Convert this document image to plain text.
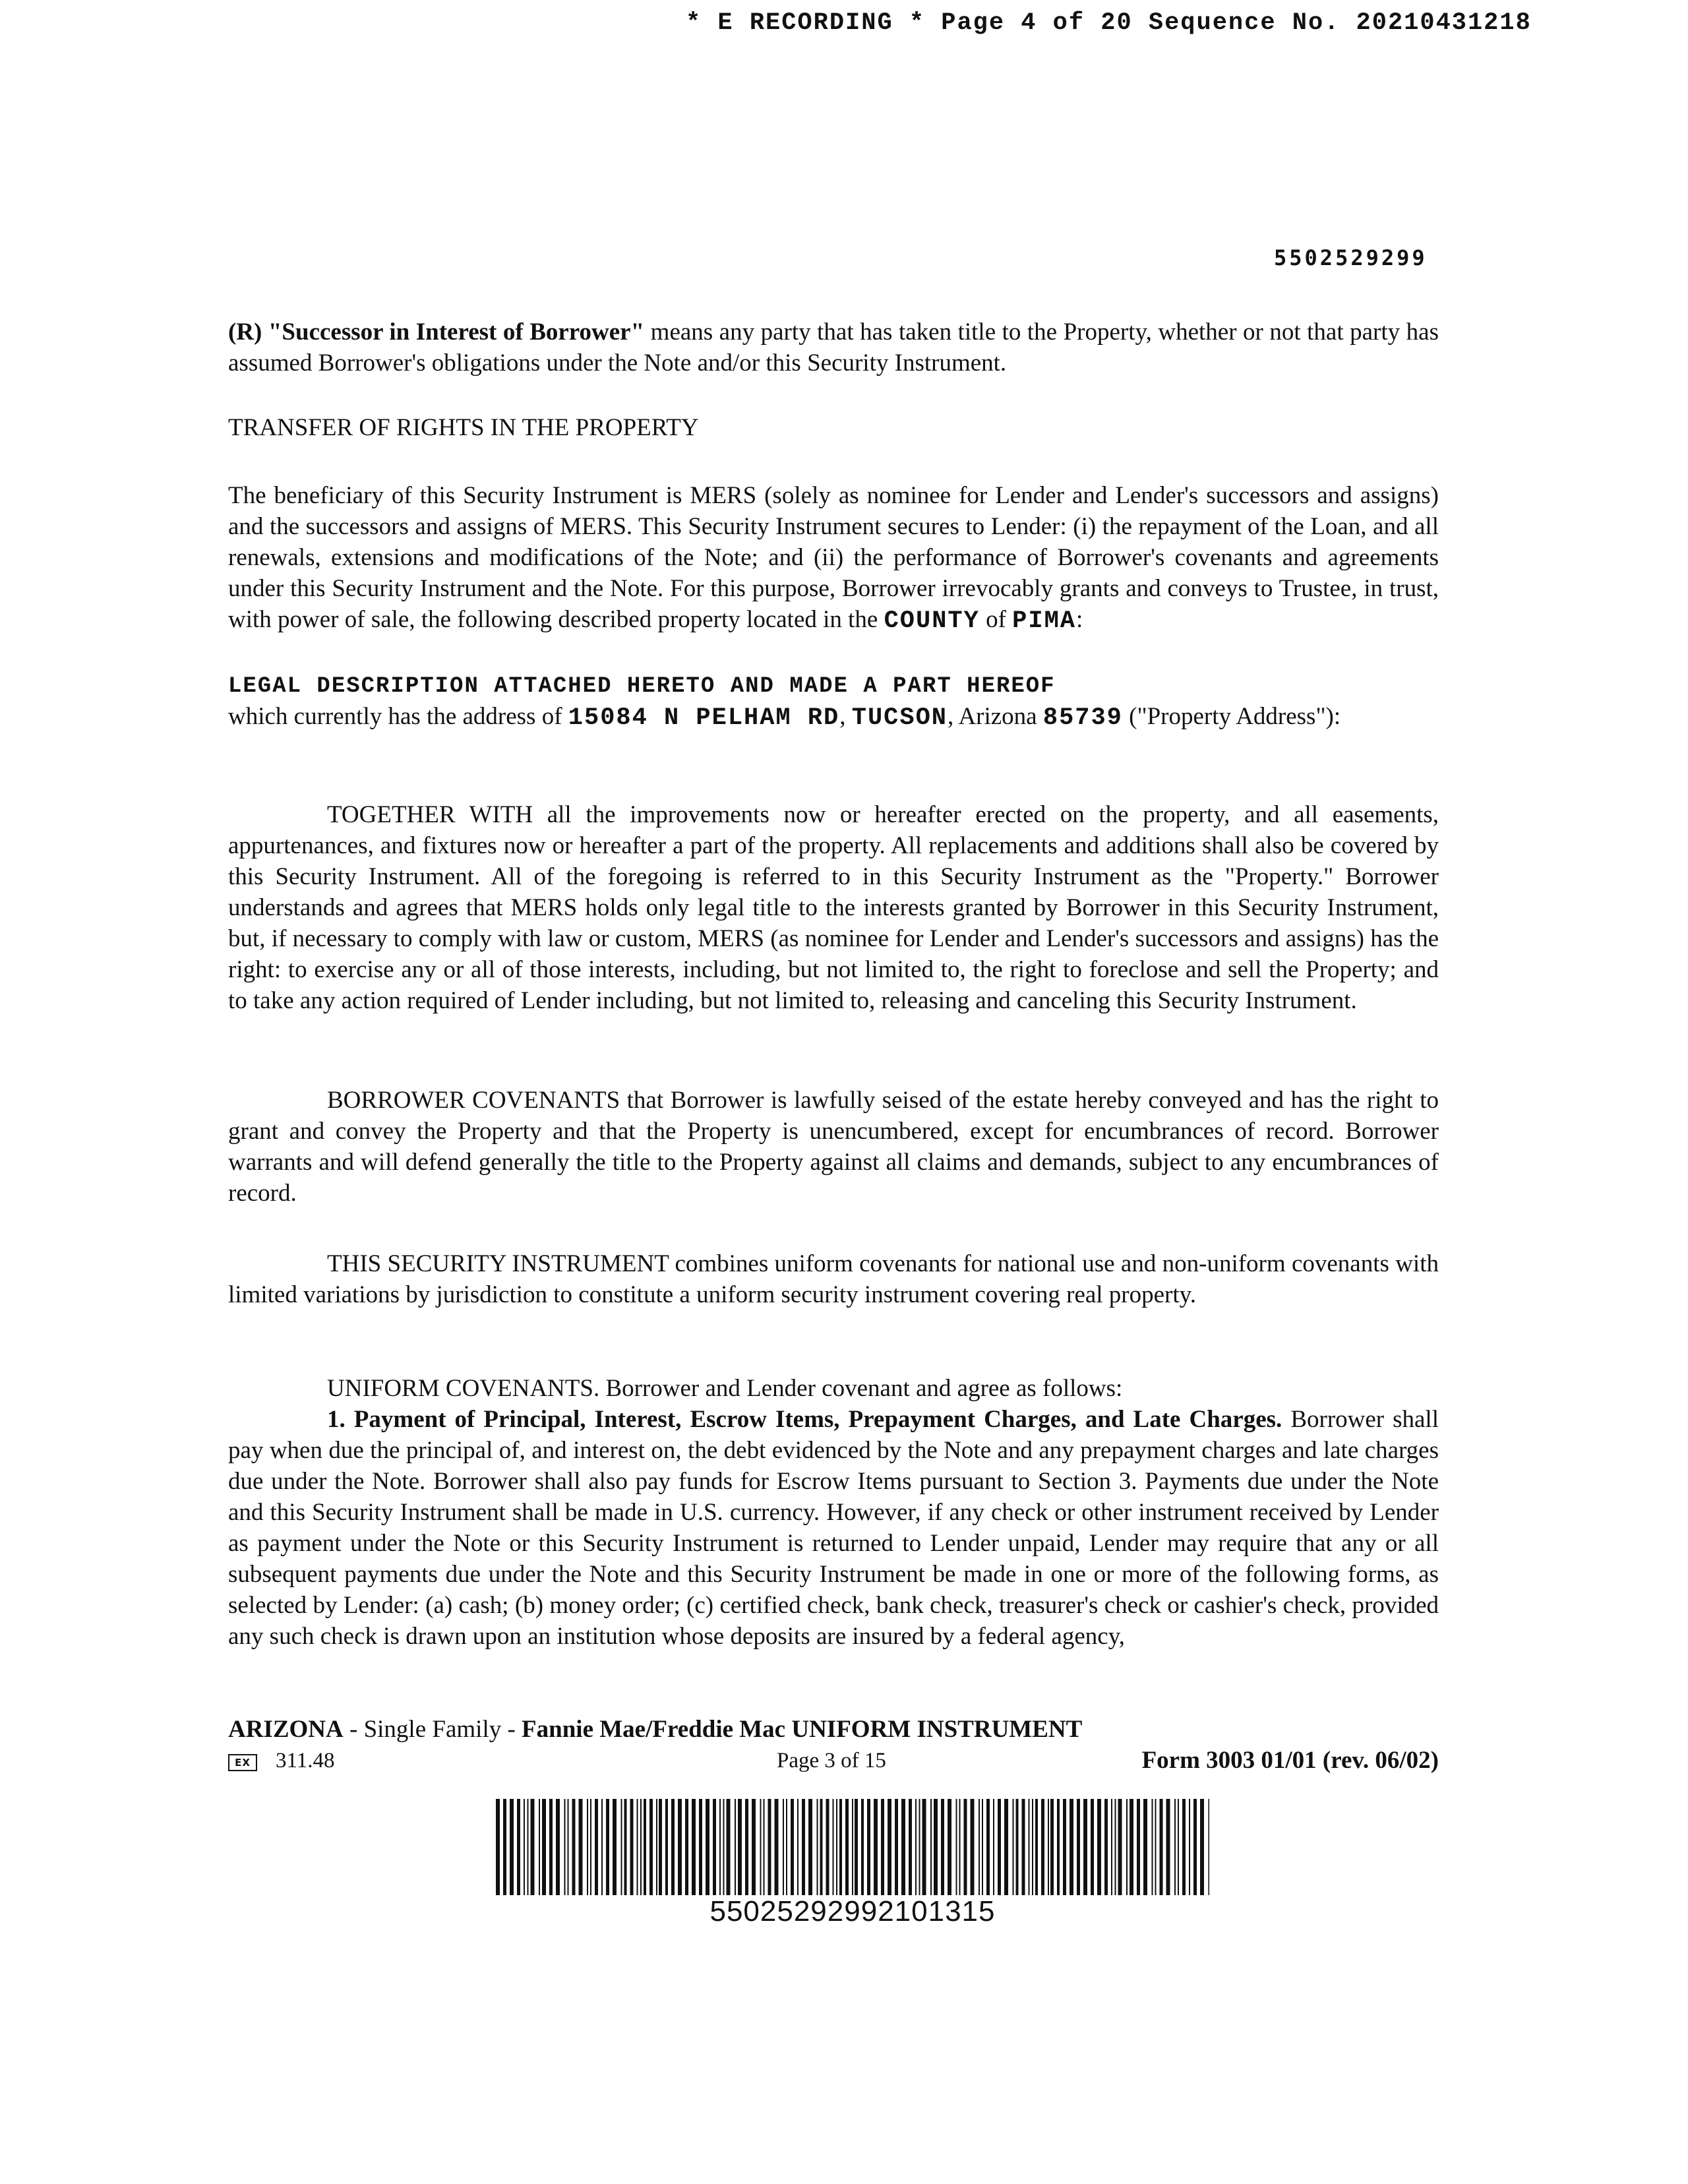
* E RECORDING * Page 4 of 20 Sequence No. 20210431218
5502529299
(R) "Successor in Interest of Borrower" means any party that has taken title to the Property, whether or not that party has assumed Borrower's obligations under the Note and/or this Security Instrument.
TRANSFER OF RIGHTS IN THE PROPERTY
The beneficiary of this Security Instrument is MERS (solely as nominee for Lender and Lender's successors and assigns) and the successors and assigns of MERS. This Security Instrument secures to Lender: (i) the repayment of the Loan, and all renewals, extensions and modifications of the Note; and (ii) the performance of Borrower's covenants and agreements under this Security Instrument and the Note. For this purpose, Borrower irrevocably grants and conveys to Trustee, in trust, with power of sale, the following described property located in the COUNTY of PIMA:
LEGAL DESCRIPTION ATTACHED HERETO AND MADE A PART HEREOF
which currently has the address of 15084 N PELHAM RD, TUCSON, Arizona 85739 ("Property Address"):
TOGETHER WITH all the improvements now or hereafter erected on the property, and all easements, appurtenances, and fixtures now or hereafter a part of the property. All replacements and additions shall also be covered by this Security Instrument. All of the foregoing is referred to in this Security Instrument as the "Property." Borrower understands and agrees that MERS holds only legal title to the interests granted by Borrower in this Security Instrument, but, if necessary to comply with law or custom, MERS (as nominee for Lender and Lender's successors and assigns) has the right: to exercise any or all of those interests, including, but not limited to, the right to foreclose and sell the Property; and to take any action required of Lender including, but not limited to, releasing and canceling this Security Instrument.
BORROWER COVENANTS that Borrower is lawfully seised of the estate hereby conveyed and has the right to grant and convey the Property and that the Property is unencumbered, except for encumbrances of record. Borrower warrants and will defend generally the title to the Property against all claims and demands, subject to any encumbrances of record.
THIS SECURITY INSTRUMENT combines uniform covenants for national use and non-uniform covenants with limited variations by jurisdiction to constitute a uniform security instrument covering real property.
UNIFORM COVENANTS. Borrower and Lender covenant and agree as follows:
1. Payment of Principal, Interest, Escrow Items, Prepayment Charges, and Late Charges. Borrower shall pay when due the principal of, and interest on, the debt evidenced by the Note and any prepayment charges and late charges due under the Note. Borrower shall also pay funds for Escrow Items pursuant to Section 3. Payments due under the Note and this Security Instrument shall be made in U.S. currency. However, if any check or other instrument received by Lender as payment under the Note or this Security Instrument is returned to Lender unpaid, Lender may require that any or all subsequent payments due under the Note and this Security Instrument be made in one or more of the following forms, as selected by Lender: (a) cash; (b) money order; (c) certified check, bank check, treasurer's check or cashier's check, provided any such check is drawn upon an institution whose deposits are insured by a federal agency,
ARIZONA - Single Family - Fannie Mae/Freddie Mac UNIFORM INSTRUMENT
EX	311.48	Page 3 of 15	Form 3003 01/01 (rev. 06/02)
55025292992101315
